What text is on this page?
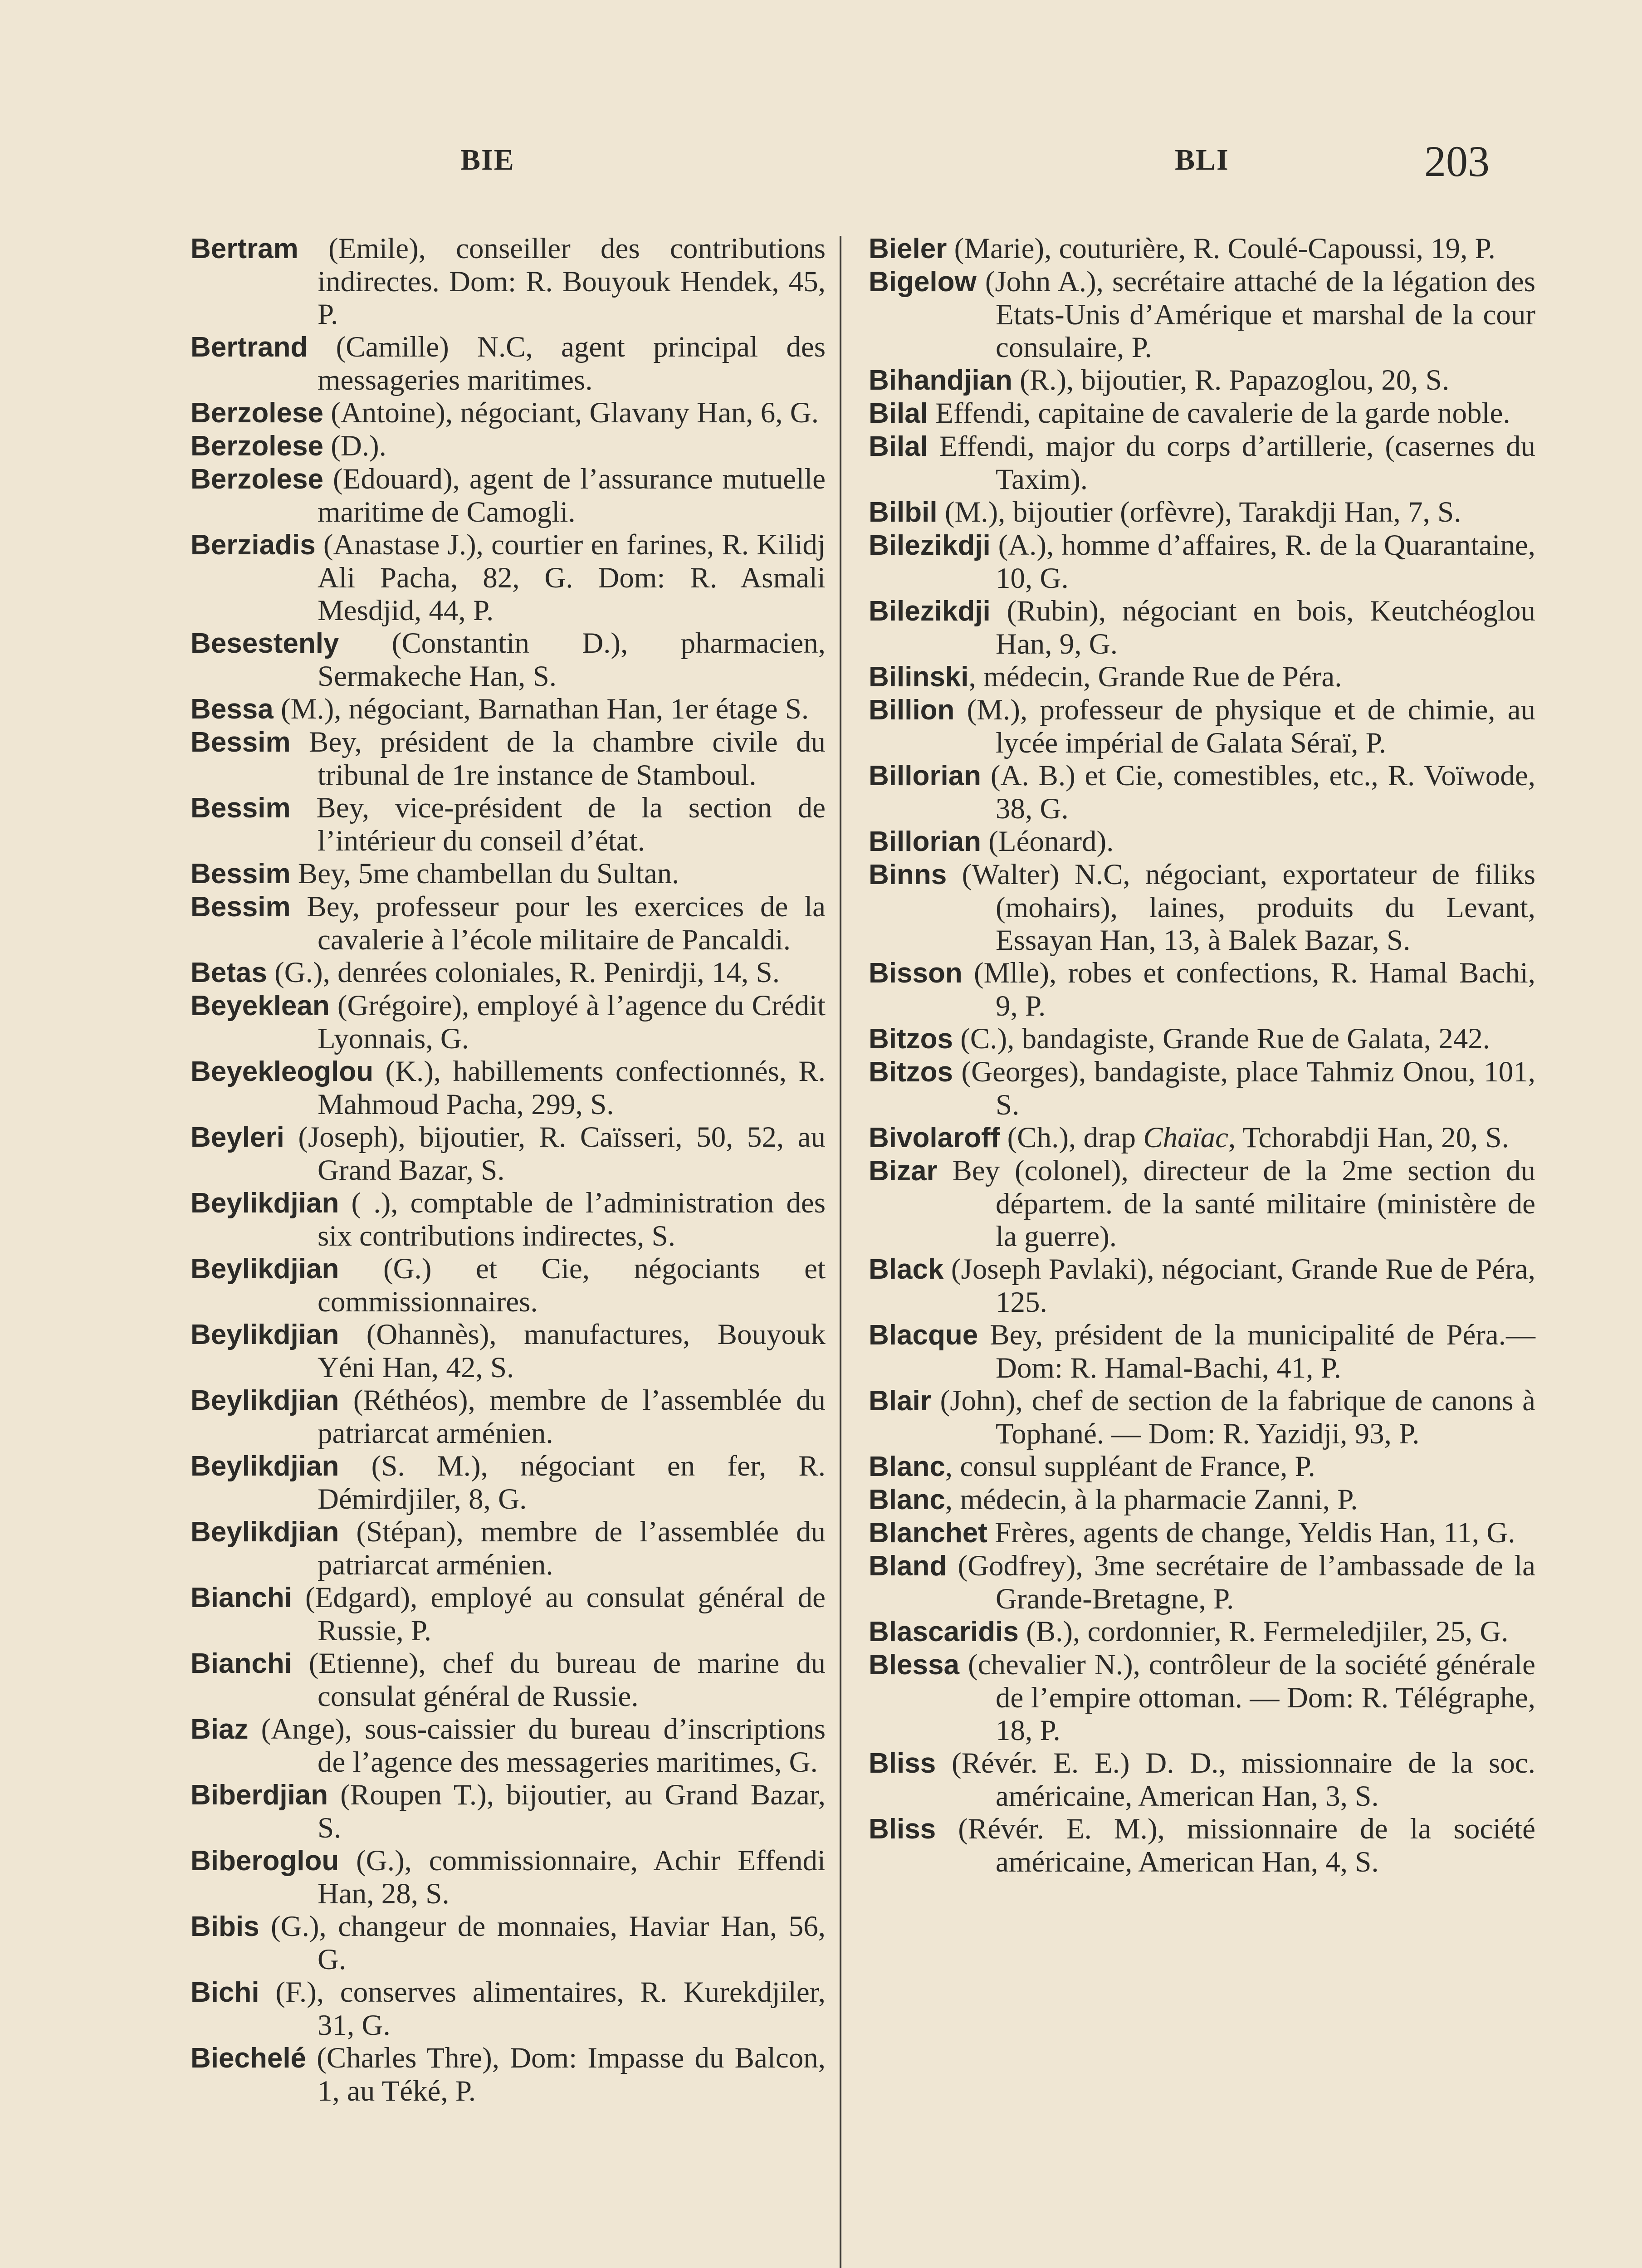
BIE	BLI	203

Bertram (Emile), conseiller des contributions indirectes. Dom: R. Bouyouk Hendek, 45, P.

Bertrand (Camille) N.C, agent principal des messageries maritimes.

Berzolese (Antoine), négociant, Glavany Han, 6, G.

Berzolese (D.).

Berzolese (Edouard), agent de l’assurance mutuelle maritime de Camogli.

Berziadis (Anastase J.), courtier en farines, R. Kilidj Ali Pacha, 82, G. Dom: R. Asmali Mesdjid, 44, P.

Besestenly (Constantin D.), pharmacien, Sermakeche Han, S.

Bessa (M.), négociant, Barnathan Han, 1er étage S.

Bessim Bey, président de la chambre civile du tribunal de 1re instance de Stamboul.

Bessim Bey, vice-président de la section de l’intérieur du conseil d’état.

Bessim Bey, 5me chambellan du Sultan.

Bessim Bey, professeur pour les exercices de la cavalerie à l’école militaire de Pancaldi.

Betas (G.), denrées coloniales, R. Penirdji, 14, S.

Beyeklean (Grégoire), employé à l’agence du Crédit Lyonnais, G.

Beyekleoglou (K.), habillements confectionnés, R. Mahmoud Pacha, 299, S.

Beyleri (Joseph), bijoutier, R. Caïsseri, 50, 52, au Grand Bazar, S.

Beylikdjian ( .), comptable de l’administration des six contributions indirectes, S.

Beylikdjian (G.) et Cie, négociants et commissionnaires.

Beylikdjian (Ohannès), manufactures, Bouyouk Yéni Han, 42, S.

Beylikdjian (Réthéos), membre de l’assemblée du patriarcat arménien.

Beylikdjian (S. M.), négociant en fer, R. Démirdjiler, 8, G.

Beylikdjian (Stépan), membre de l’assemblée du patriarcat arménien.

Bianchi (Edgard), employé au consulat général de Russie, P.

Bianchi (Etienne), chef du bureau de marine du consulat général de Russie.

Biaz (Ange), sous-caissier du bureau d’inscriptions de l’agence des messageries maritimes, G.

Biberdjian (Roupen T.), bijoutier, au Grand Bazar, S.

Biberoglou (G.), commissionnaire, Achir Effendi Han, 28, S.

Bibis (G.), changeur de monnaies, Haviar Han, 56, G.

Bichi (F.), conserves alimentaires, R. Kurekdjiler, 31, G.

Biechelé (Charles Thre), Dom: Impasse du Balcon, 1, au Téké, P.

Bieler (Marie), couturière, R. Coulé-Capoussi, 19, P.

Bigelow (John A.), secrétaire attaché de la légation des Etats-Unis d’Amérique et marshal de la cour consulaire, P.

Bihandjian (R.), bijoutier, R. Papazoglou, 20, S.

Bilal Effendi, capitaine de cavalerie de la garde noble.

Bilal Effendi, major du corps d’artillerie, (casernes du Taxim).

Bilbil (M.), bijoutier (orfèvre), Tarakdji Han, 7, S.

Bilezikdji (A.), homme d’affaires, R. de la Quarantaine, 10, G.

Bilezikdji (Rubin), négociant en bois, Keutchéoglou Han, 9, G.

Bilinski, médecin, Grande Rue de Péra.

Billion (M.), professeur de physique et de chimie, au lycée impérial de Galata Séraï, P.

Billorian (A. B.) et Cie, comestibles, etc., R. Voïwode, 38, G.

Billorian (Léonard).

Binns (Walter) N.C, négociant, exportateur de filiks (mohairs), laines, produits du Levant, Essayan Han, 13, à Balek Bazar, S.

Bisson (Mlle), robes et confections, R. Hamal Bachi, 9, P.

Bitzos (C.), bandagiste, Grande Rue de Galata, 242.

Bitzos (Georges), bandagiste, place Tahmiz Onou, 101, S.

Bivolaroff (Ch.), drap Chaïac, Tchorabdji Han, 20, S.

Bizar Bey (colonel), directeur de la 2me section du départem. de la santé militaire (ministère de la guerre).

Black (Joseph Pavlaki), négociant, Grande Rue de Péra, 125.

Blacque Bey, président de la municipalité de Péra.—Dom: R. Hamal-Bachi, 41, P.

Blair (John), chef de section de la fabrique de canons à Tophané. — Dom: R. Yazidji, 93, P.

Blanc, consul suppléant de France, P.

Blanc, médecin, à la pharmacie Zanni, P.

Blanchet Frères, agents de change, Yeldis Han, 11, G.

Bland (Godfrey), 3me secrétaire de l’ambassade de la Grande-Bretagne, P.

Blascaridis (B.), cordonnier, R. Fermeledjiler, 25, G.

Blessa (chevalier N.), contrôleur de la société générale de l’empire ottoman. — Dom: R. Télégraphe, 18, P.

Bliss (Révér. E. E.) D. D., missionnaire de la soc. américaine, American Han, 3, S.

Bliss (Révér. E. M.), missionnaire de la société américaine, American Han, 4, S.
